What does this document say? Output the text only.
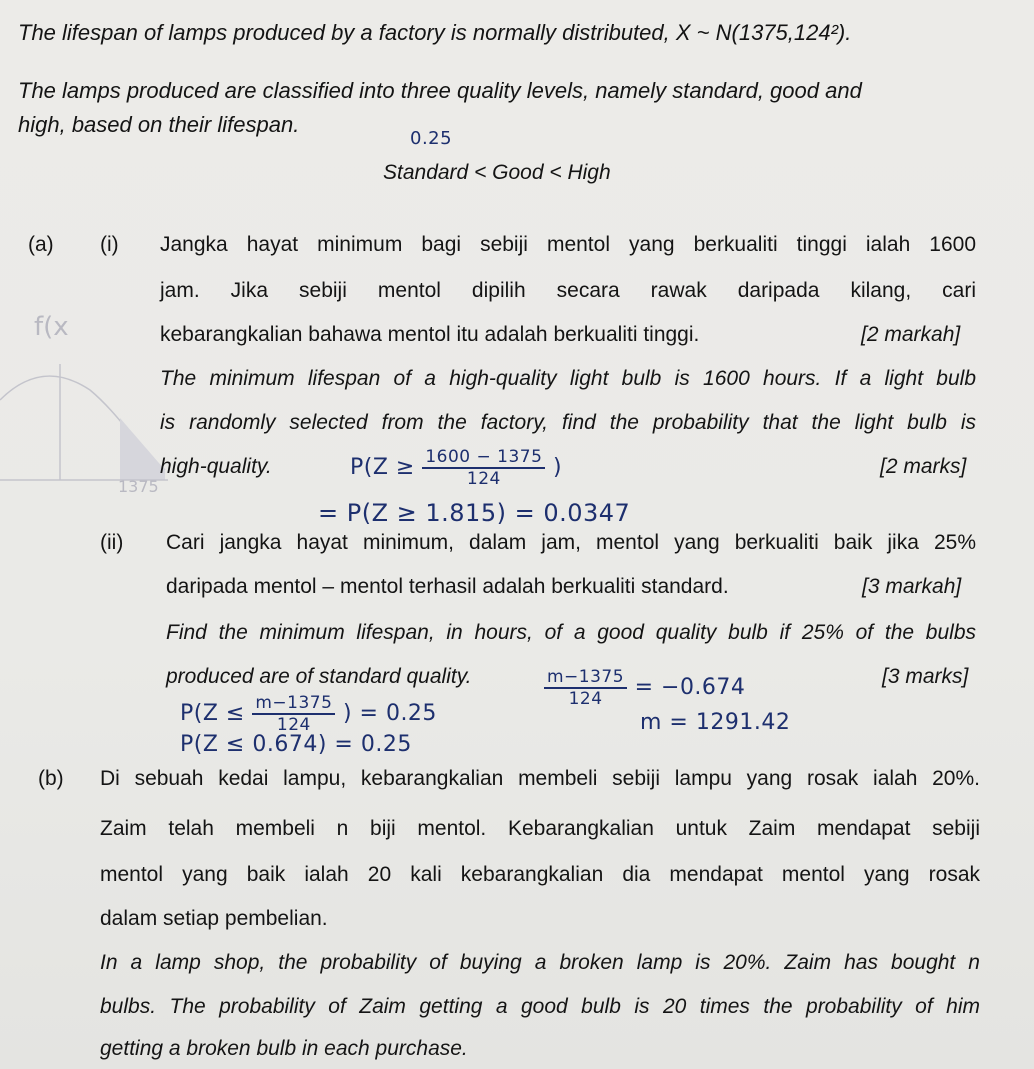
The lifespan of lamps produced by a factory is normally distributed, X ~ N(1375,124²).
The lamps produced are classified into three quality levels, namely standard, good and
high, based on their lifespan.
0.25
Standard < Good < High
(a) (i) Jangka hayat minimum bagi sebiji mentol yang berkualiti tinggi ialah 1600
jam. Jika sebiji mentol dipilih secara rawak daripada kilang, cari
kebarangkalian bahawa mentol itu adalah berkualiti tinggi.	[2 markah]
f(x
1375
The minimum lifespan of a high-quality light bulb is 1600 hours. If a light bulb
is randomly selected from the factory, find the probability that the light bulb is
high-quality.	[2 marks]
$P(Z \ge \frac{1600 - 1375}{124}$ )
= P(Z ≥ 1.815) = 0.0347
(ii) Cari jangka hayat minimum, dalam jam, mentol yang berkualiti baik jika 25%
daripada mentol – mentol terhasil adalah berkualiti standard.	[3 markah]
Find the minimum lifespan, in hours, of a good quality bulb if 25% of the bulbs
produced are of standard quality.	[3 marks]
$P(Z \le \frac{m-1375}{124}$ ) = 0.25
P(Z ≤ 0.674) = 0.25
$\frac{m-1375}{124} = -0.674$
m = 1291.42
(b) Di sebuah kedai lampu, kebarangkalian membeli sebiji lampu yang rosak ialah 20%.
Zaim telah membeli n biji mentol. Kebarangkalian untuk Zaim mendapat sebiji
mentol yang baik ialah 20 kali kebarangkalian dia mendapat mentol yang rosak
dalam setiap pembelian.
In a lamp shop, the probability of buying a broken lamp is 20%. Zaim has bought n
bulbs. The probability of Zaim getting a good bulb is 20 times the probability of him
getting a broken bulb in each purchase.
